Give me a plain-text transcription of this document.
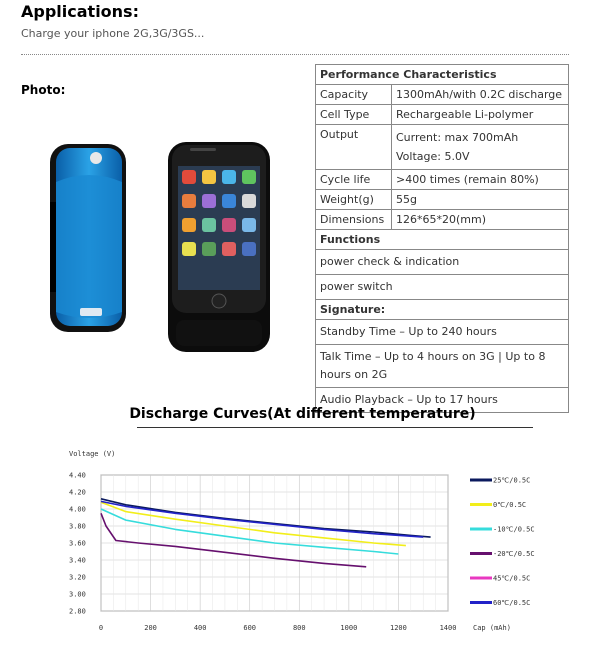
Applications:
Charge your iphone 2G,3G/3GS...
Photo:
Performance Characteristics	
Capacity	1300mAh/with 0.2C discharge
Cell Type	Rechargeable Li-polymer
Output	Current: max 700mAh
Voltage: 5.0V

Cycle life	>400 times (remain 80%)
Weight(g)	55g
Dimensions	126*65*20(mm)
Functions	
power check & indication	
power switch	
Signature:	
Standby Time – Up to 240 hours	
Talk Time – Up to 4 hours on 3G | Up to 8 hours on 2G	
Audio Playback – Up to 17 hours	
Discharge Curves(At different temperature)
Voltage (V)
Cap (mAh)
4.40
4.20
4.00
3.80
3.60
3.40
3.20
3.00
2.80
0	200	400	600	800	1000	1200	1400
25℃/0.5C
0℃/0.5C
-10℃/0.5C
-20℃/0.5C
45℃/0.5C
60℃/0.5C
